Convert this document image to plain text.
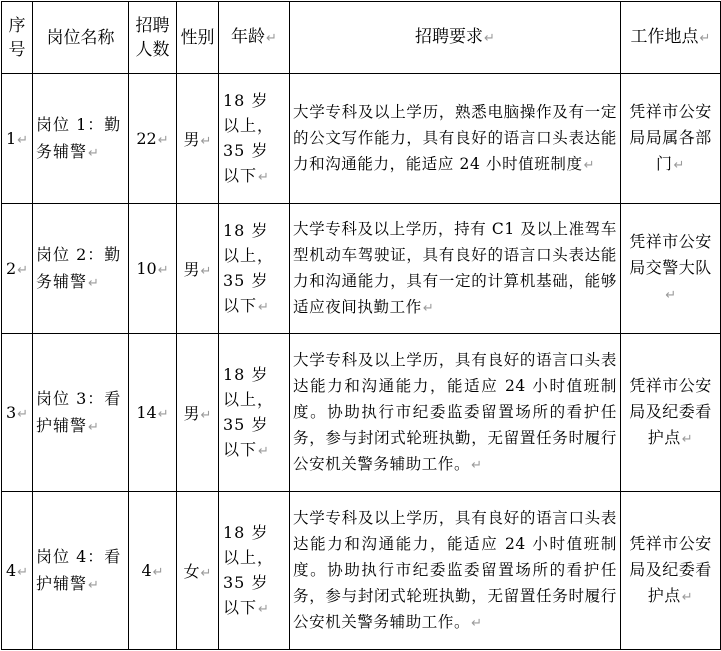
序号	岗位名称	招聘人数	性别	年龄↵	招聘要求↵	工作地点↵
1↵	岗位 1：勤务辅警↵	22↵	男↵	18 岁以上，35 岁以下↵	大学专科及以上学历，熟悉电脑操作及有一定的公文写作能力，具有良好的语言口头表达能力和沟通能力，能适应 24 小时值班制度↵	凭祥市公安局局属各部门↵
2↵	岗位 2：勤务辅警↵	10↵	男↵	18 岁以上，35 岁以下↵	大学专科及以上学历，持有 C1 及以上准驾车型机动车驾驶证，具有良好的语言口头表达能力和沟通能力，具有一定的计算机基础，能够适应夜间执勤工作↵	凭祥市公安局交警大队↵
3↵	岗位 3：看护辅警↵	14↵	男↵	18 岁以上，35 岁以下↵	大学专科及以上学历，具有良好的语言口头表达能力和沟通能力，能适应 24 小时值班制度。协助执行市纪委监委留置场所的看护任务，参与封闭式轮班执勤，无留置任务时履行公安机关警务辅助工作。↵	凭祥市公安局及纪委看护点↵
4↵	岗位 4：看护辅警↵	4↵	女↵	18 岁以上，35 岁以下↵	大学专科及以上学历，具有良好的语言口头表达能力和沟通能力，能适应 24 小时值班制度。协助执行市纪委监委留置场所的看护任务，参与封闭式轮班执勤，无留置任务时履行公安机关警务辅助工作。↵	凭祥市公安局及纪委看护点↵
